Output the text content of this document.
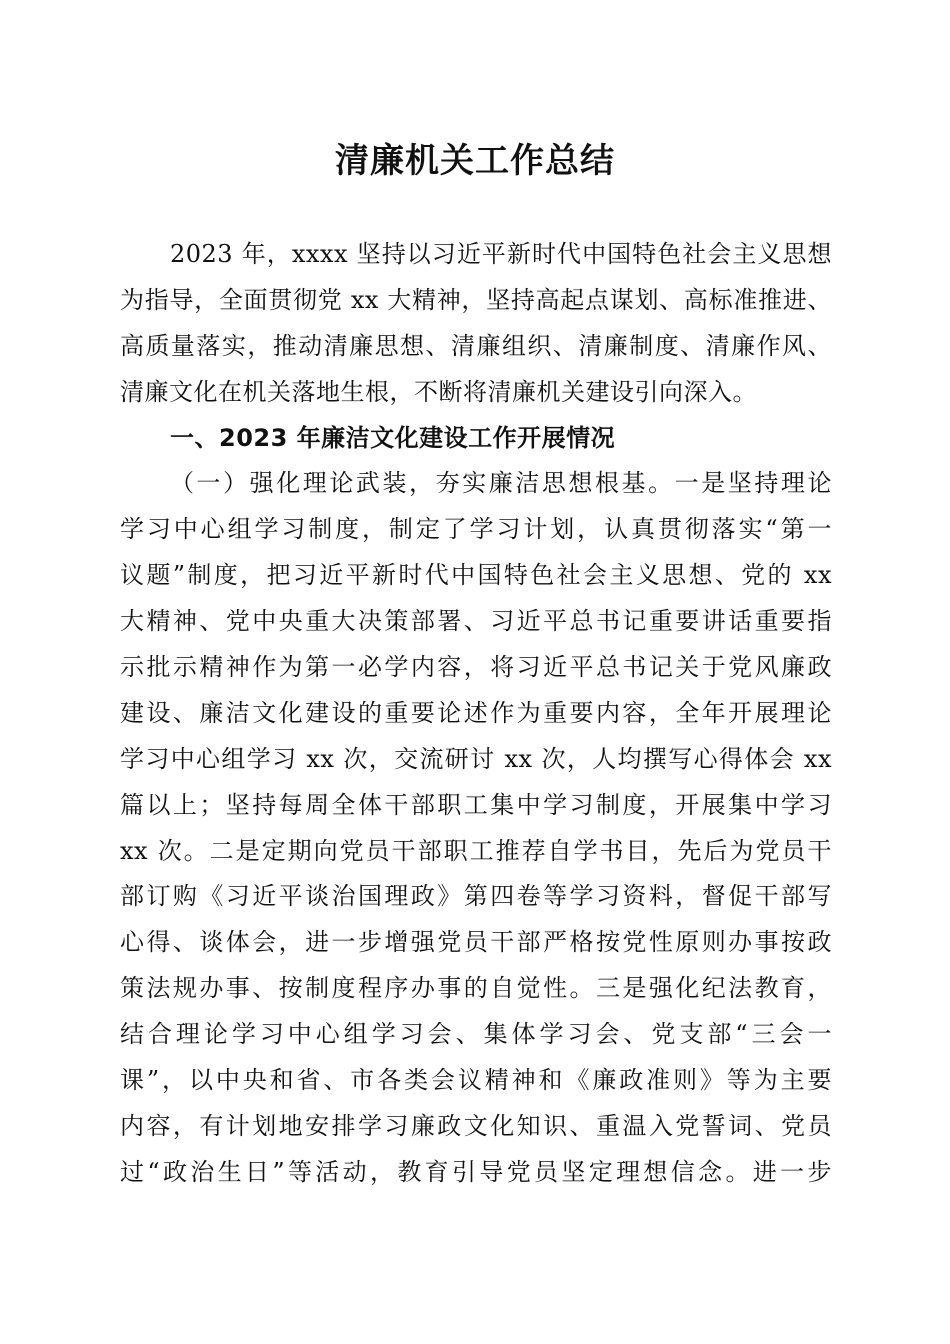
清廉机关工作总结
2023 年，xxxx 坚持以习近平新时代中国特色社会主义思想
为指导，全面贯彻党 xx 大精神，坚持高起点谋划、高标准推进、
高质量落实，推动清廉思想、清廉组织、清廉制度、清廉作风、
清廉文化在机关落地生根，不断将清廉机关建设引向深入。
一、2023 年廉洁文化建设工作开展情况
（一）强化理论武装，夯实廉洁思想根基。一是坚持理论
学习中心组学习制度，制定了学习计划，认真贯彻落实“第一
议题”制度，把习近平新时代中国特色社会主义思想、党的 xx
大精神、党中央重大决策部署、习近平总书记重要讲话重要指
示批示精神作为第一必学内容，将习近平总书记关于党风廉政
建设、廉洁文化建设的重要论述作为重要内容，全年开展理论
学习中心组学习 xx 次，交流研讨 xx 次，人均撰写心得体会 xx
篇以上；坚持每周全体干部职工集中学习制度，开展集中学习
xx 次。二是定期向党员干部职工推荐自学书目，先后为党员干
部订购《习近平谈治国理政》第四卷等学习资料，督促干部写
心得、谈体会，进一步增强党员干部严格按党性原则办事按政
策法规办事、按制度程序办事的自觉性。三是强化纪法教育，
结合理论学习中心组学习会、集体学习会、党支部“三会一
课”，以中央和省、市各类会议精神和《廉政准则》等为主要
内容，有计划地安排学习廉政文化知识、重温入党誓词、党员
过“政治生日”等活动，教育引导党员坚定理想信念。进一步
